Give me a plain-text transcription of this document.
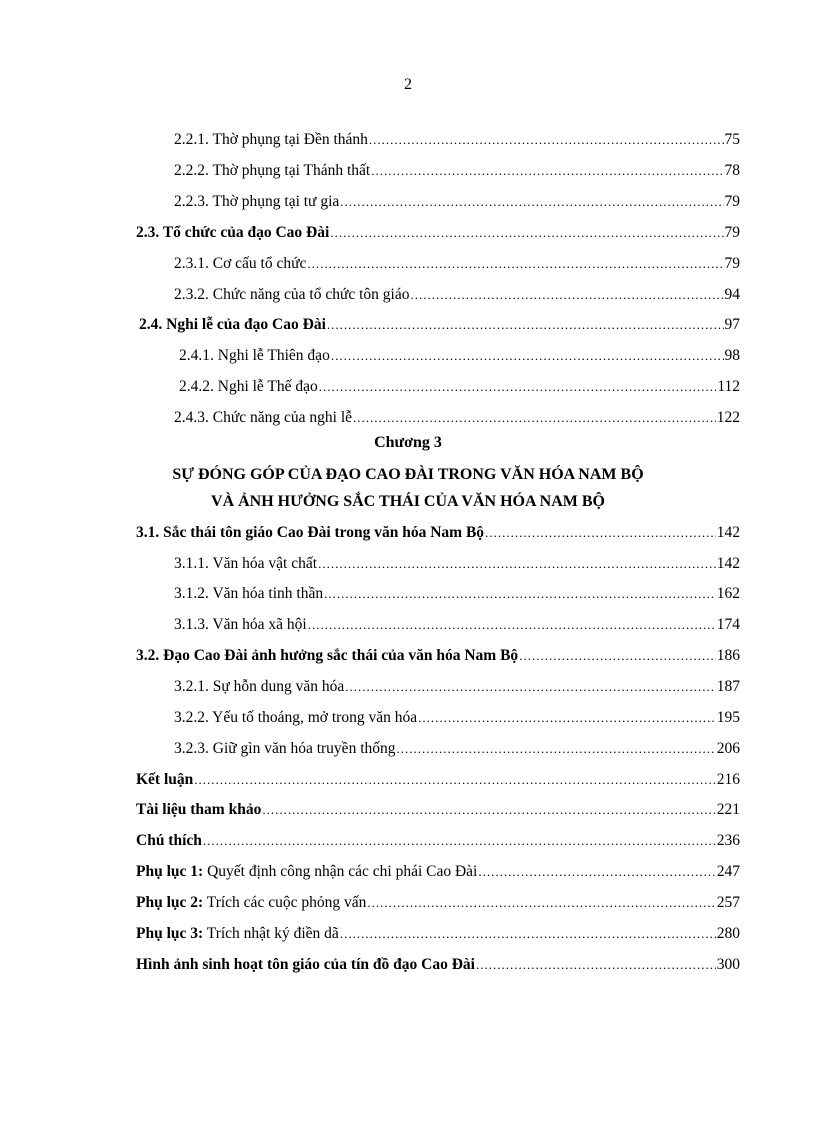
2
2.2.1. Thờ phụng tại Đền thánh .....	75
2.2.2. Thờ phụng tại Thánh thất .....	78
2.2.3. Thờ phụng tại tư gia .....	79
2.3. Tổ chức của đạo Cao Đài .....	79
2.3.1. Cơ cấu tổ chức .....	79
2.3.2. Chức năng của tổ chức tôn giáo .....	94
2.4. Nghi lễ của đạo Cao Đài .....	97
2.4.1. Nghi lễ Thiên đạo .....	98
2.4.2. Nghi lễ Thế đạo .....	112
2.4.3. Chức năng của nghi lễ .....	122
Chương 3
SỰ ĐÓNG GÓP CỦA ĐẠO CAO ĐÀI TRONG VĂN HÓA NAM BỘ
VÀ ẢNH HƯỞNG SẮC THÁI CỦA VĂN HÓA NAM BỘ
3.1. Sắc thái tôn giáo Cao Đài trong văn hóa Nam Bộ .....	142
3.1.1. Văn hóa vật chất .....	142
3.1.2. Văn hóa tinh thần .....	162
3.1.3. Văn hóa xã hội .....	174
3.2. Đạo Cao Đài ảnh hưởng sắc thái của văn hóa Nam Bộ .....	186
3.2.1. Sự hỗn dung văn hóa .....	187
3.2.2. Yếu tố thoáng, mở trong văn hóa .....	195
3.2.3. Giữ gìn văn hóa truyền thống .....	206
Kết luận .....	216
Tài liệu tham khảo .....	221
Chú thích .....	236
Phụ lục 1: Quyết định công nhận các chi phái Cao Đài .....	247
Phụ lục 2: Trích các cuộc phỏng vấn .....	257
Phụ lục 3: Trích nhật ký điền dã .....	280
Hình ảnh sinh hoạt tôn giáo của tín đồ đạo Cao Đài .....	300
